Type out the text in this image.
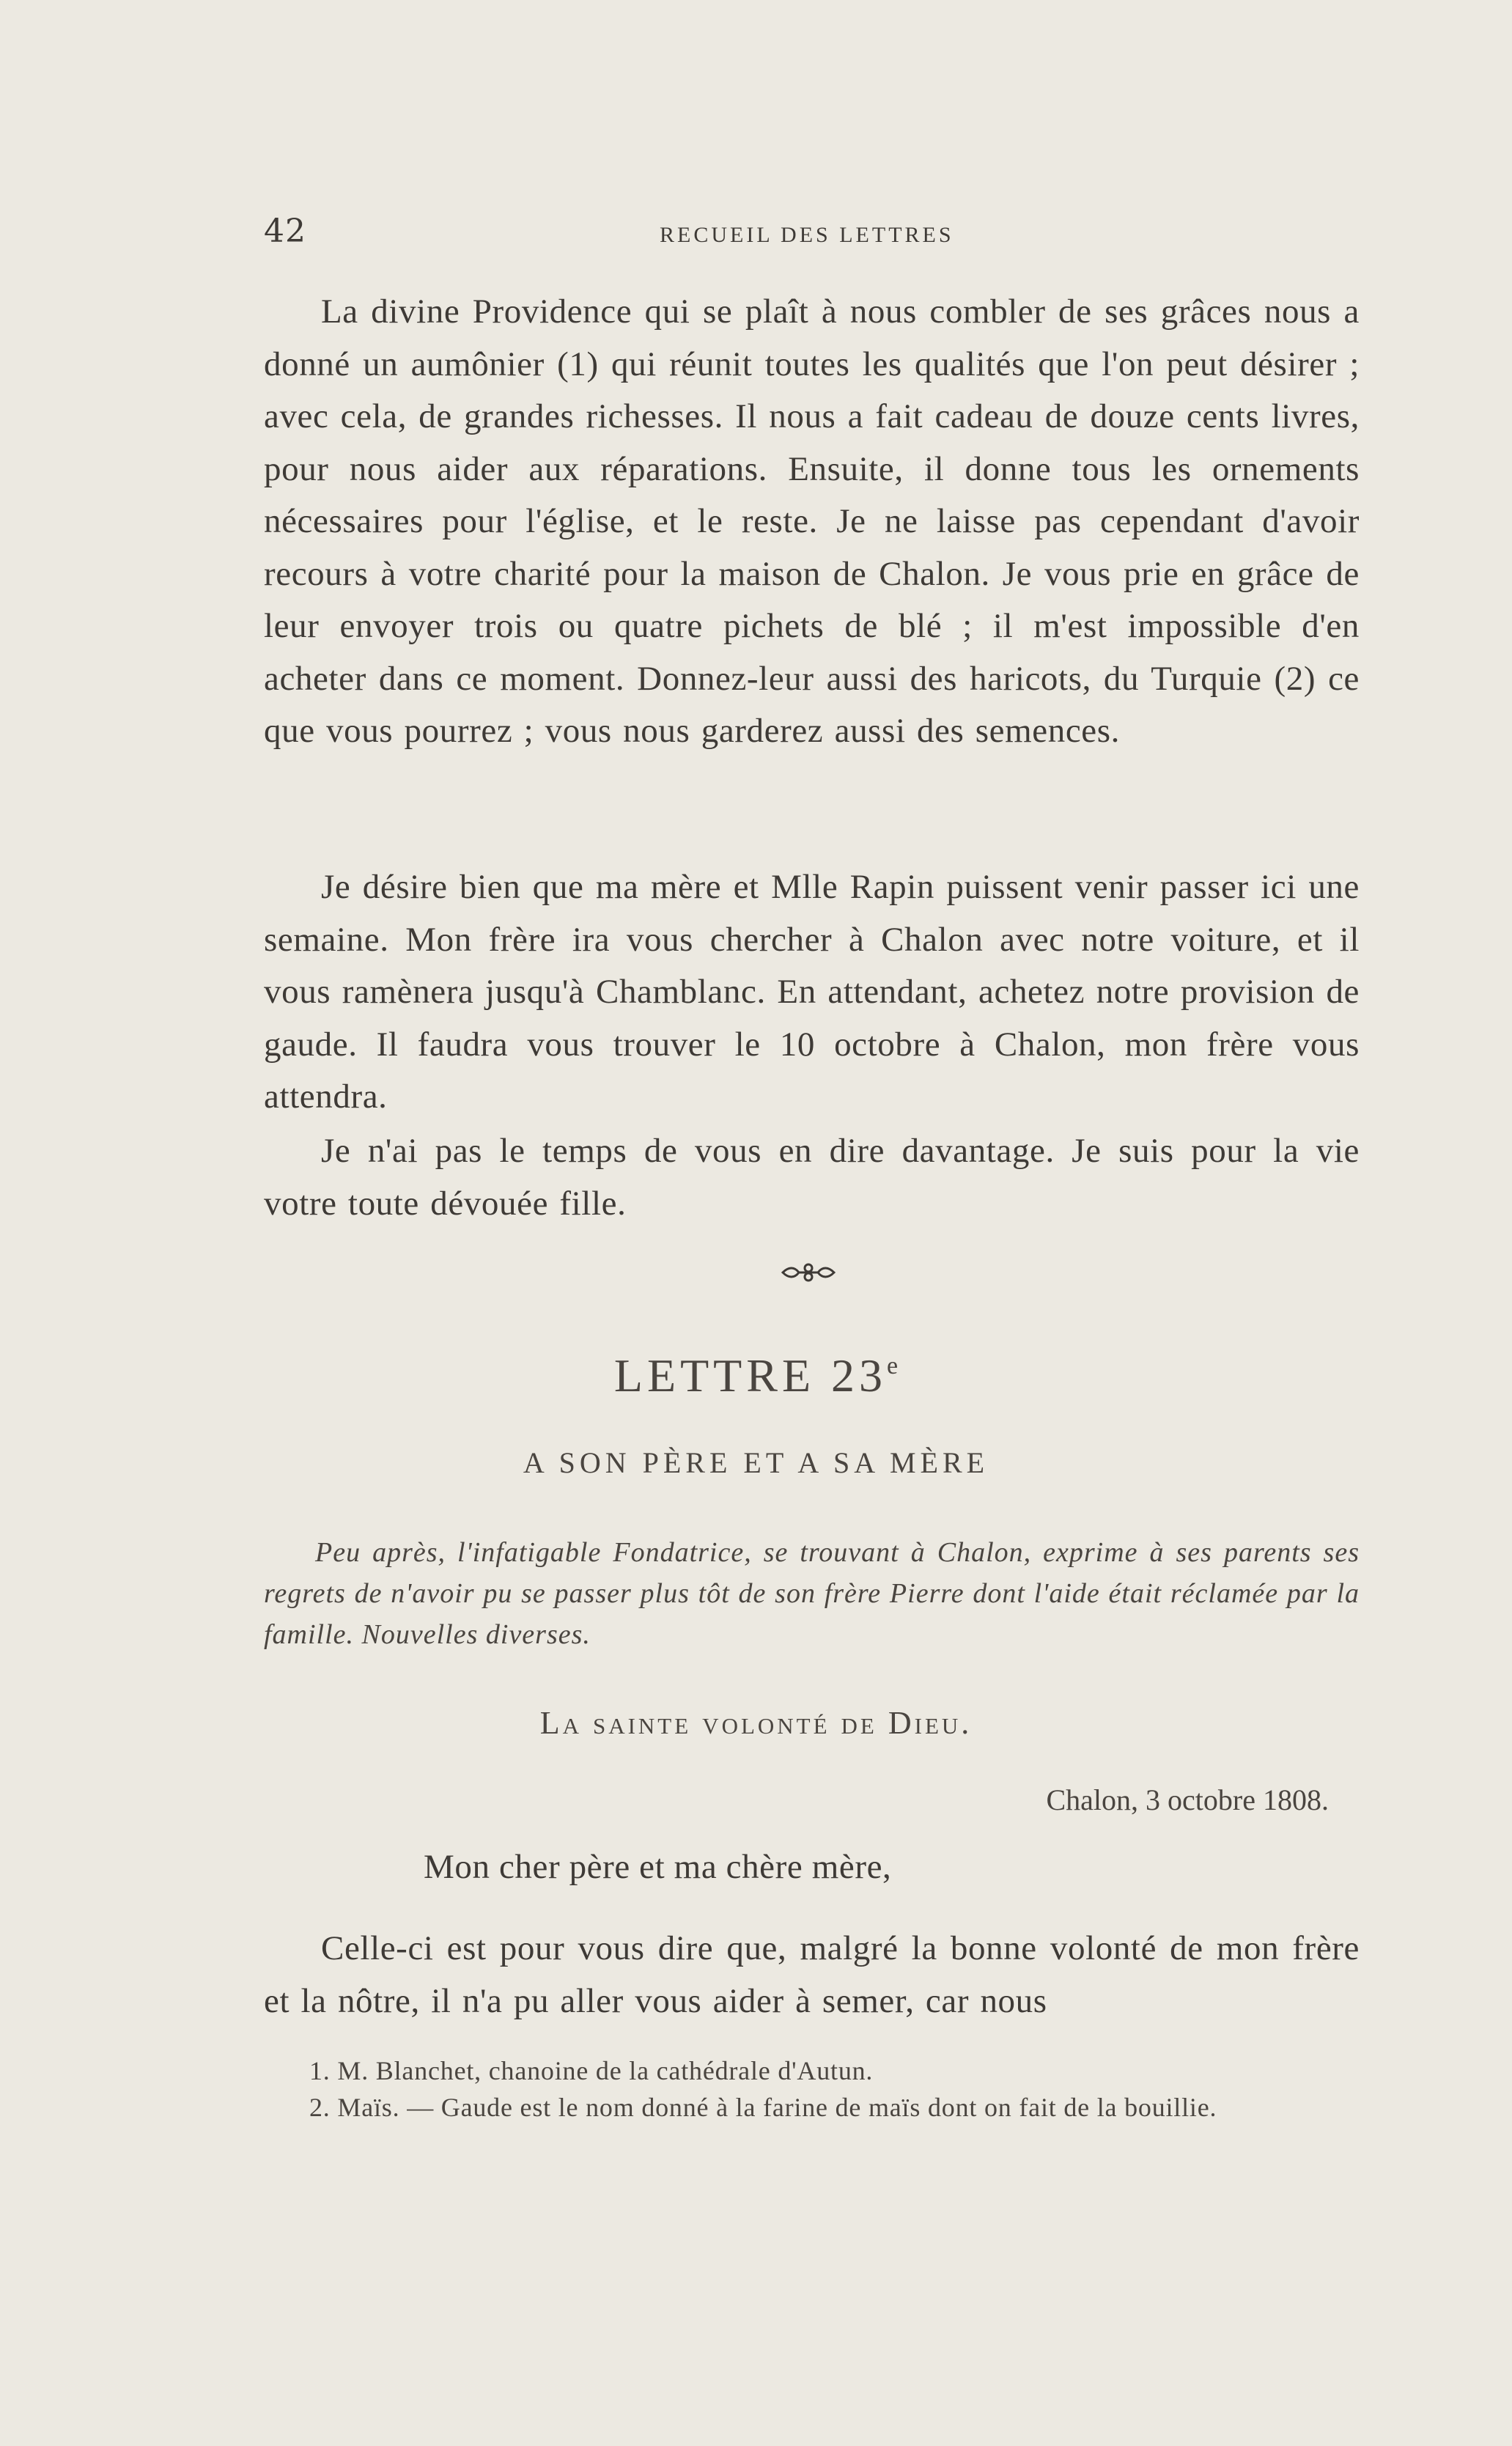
42	RECUEIL DES LETTRES

La divine Providence qui se plaît à nous combler de ses grâces nous a donné un aumônier (1) qui réunit toutes les qualités que l'on peut désirer ; avec cela, de grandes richesses. Il nous a fait cadeau de douze cents livres, pour nous aider aux réparations. Ensuite, il donne tous les ornements nécessaires pour l'église, et le reste. Je ne laisse pas cependant d'avoir recours à votre charité pour la maison de Chalon. Je vous prie en grâce de leur envoyer trois ou quatre pichets de blé ; il m'est impossible d'en acheter dans ce moment. Donnez-leur aussi des haricots, du Turquie (2) ce que vous pourrez ; vous nous garderez aussi des semences.

Je désire bien que ma mère et Mlle Rapin puissent venir passer ici une semaine. Mon frère ira vous chercher à Chalon avec notre voiture, et il vous ramènera jusqu'à Chamblanc. En attendant, achetez notre provision de gaude. Il faudra vous trouver le 10 octobre à Chalon, mon frère vous attendra.

Je n'ai pas le temps de vous en dire davantage. Je suis pour la vie votre toute dévouée fille.

LETTRE 23e
A SON PÈRE ET A SA MÈRE
Peu après, l'infatigable Fondatrice, se trouvant à Chalon, exprime à ses parents ses regrets de n'avoir pu se passer plus tôt de son frère Pierre dont l'aide était réclamée par la famille. Nouvelles diverses.
La sainte volonté de Dieu.
Chalon, 3 octobre 1808.
Mon cher père et ma chère mère,

Celle-ci est pour vous dire que, malgré la bonne volonté de mon frère et la nôtre, il n'a pu aller vous aider à semer, car nous

1. M. Blanchet, chanoine de la cathédrale d'Autun.

2. Maïs. — Gaude est le nom donné à la farine de maïs dont on fait de la bouillie.
